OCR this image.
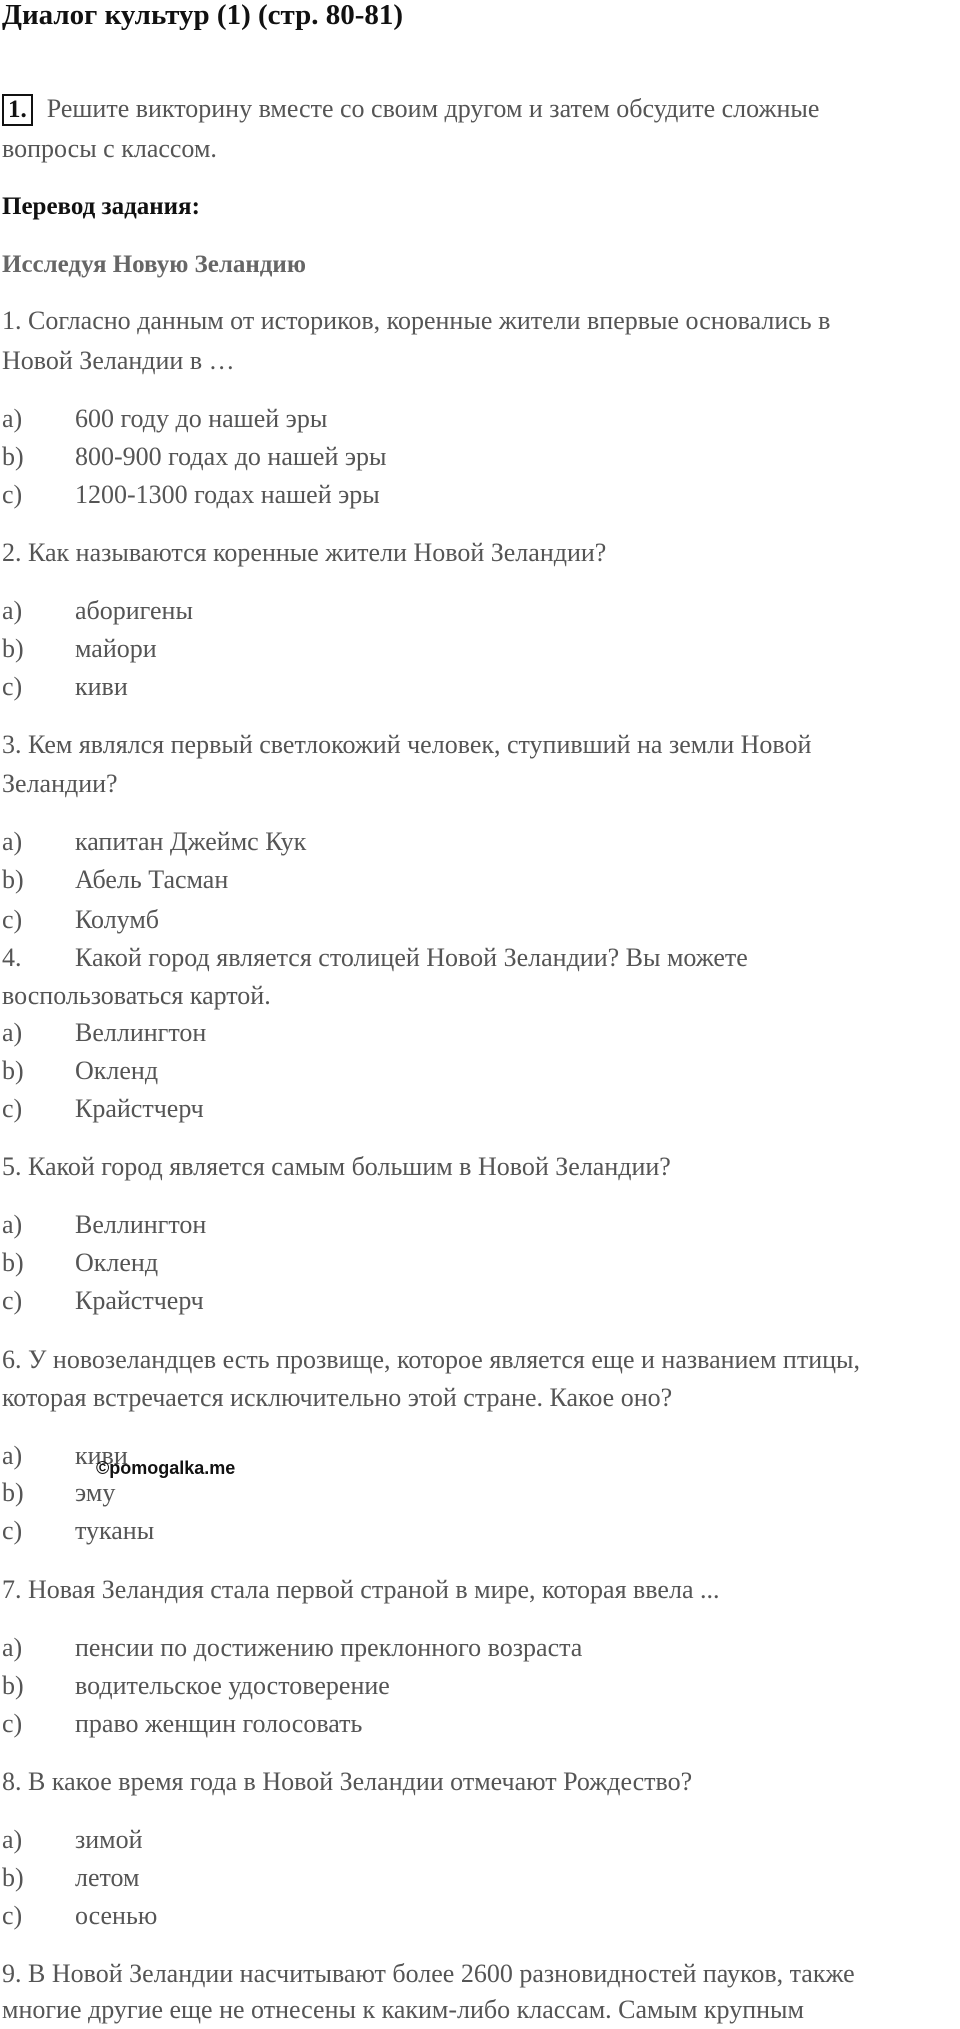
Диалог культур (1) (стр. 80-81)
1. Решите викторину вместе со своим другом и затем обсудите сложные
вопросы с классом.
Перевод задания:
Исследуя Новую Зеландию
1. Согласно данным от историков, коренные жители впервые основались в
Новой Зеландии в …
a) 600 году до нашей эры
b) 800-900 годах до нашей эры
c) 1200-1300 годах нашей эры
2. Как называются коренные жители Новой Зеландии?
a) аборигены
b) майори
c) киви
3. Кем являлся первый светлокожий человек, ступивший на земли Новой
Зеландии?
a) капитан Джеймс Кук
b) Абель Тасман
c) Колумб
4. Какой город является столицей Новой Зеландии? Вы можете
воспользоваться картой.
a) Веллингтон
b) Окленд
c) Крайстчерч
5. Какой город является самым большим в Новой Зеландии?
a) Веллингтон
b) Окленд
c) Крайстчерч
6. У новозеландцев есть прозвище, которое является еще и названием птицы,
которая встречается исключительно этой стране. Какое оно?
a) киви
b) эму
c) туканы
7. Новая Зеландия стала первой страной в мире, которая ввела ...
a) пенсии по достижению преклонного возраста
b) водительское удостоверение
c) право женщин голосовать
8. В какое время года в Новой Зеландии отмечают Рождество?
a) зимой
b) летом
c) осенью
9. В Новой Зеландии насчитывают более 2600 разновидностей пауков, также
многие другие еще не отнесены к каким-либо классам. Самым крупным
©pomogalka.me
